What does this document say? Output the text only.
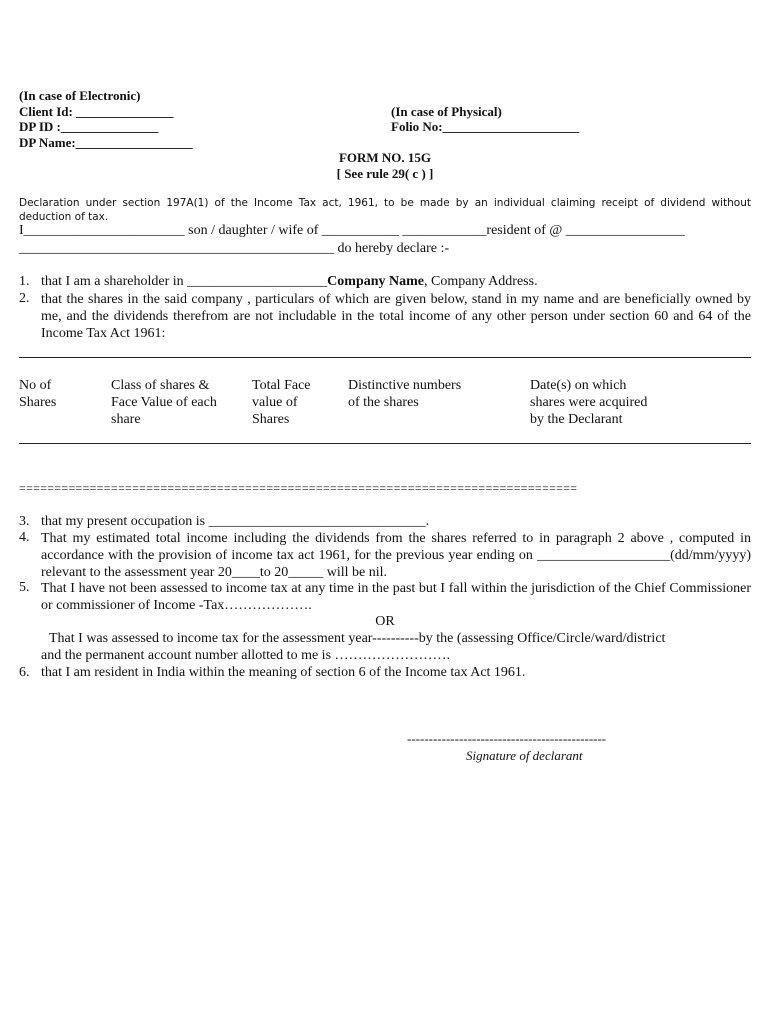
(In case of Electronic)
Client Id: _______________
DP ID :_______________
DP Name:__________________
(In case of Physical)
Folio No:_____________________
FORM NO. 15G
[ See rule 29( c ) ]
Declaration under section 197A(1) of the Income Tax act, 1961, to be made by an individual claiming receipt of dividend without deduction of tax.
I_______________________ son / daughter / wife of ___________ ____________resident of @ _________________
_____________________________________________ do hereby declare :-
1. that I am a shareholder in ____________________Company Name, Company Address.
2. that the shares in the said company , particulars of which are given below, stand in my name and are beneficially owned by me, and the dividends therefrom are not includable in the total income of any other person under section 60 and 64 of the Income Tax Act 1961:
No of
Shares
Class of shares &
Face Value of each
share
Total Face
value of
Shares
Distinctive numbers
of the shares
Date(s) on which
shares were acquired
by the Declarant
===============================================================================
3. that my present occupation is _______________________________.
4. That my estimated total income including the dividends from the shares referred to in paragraph 2 above , computed in accordance with the provision of income tax act 1961, for the previous year ending on ___________________(dd/mm/yyyy) relevant to the assessment year 20____to 20_____ will be nil.
5. That I have not been assessed to income tax at any time in the past but I fall within the jurisdiction of the Chief Commissioner or commissioner of Income -Tax……………….
OR
That I was assessed to income tax for the assessment year----------by the (assessing Office/Circle/ward/district
and the permanent account number allotted to me is …………………….
6. that I am resident in India within the meaning of section 6 of the Income tax Act 1961.
----------------------------------------------
Signature of declarant
